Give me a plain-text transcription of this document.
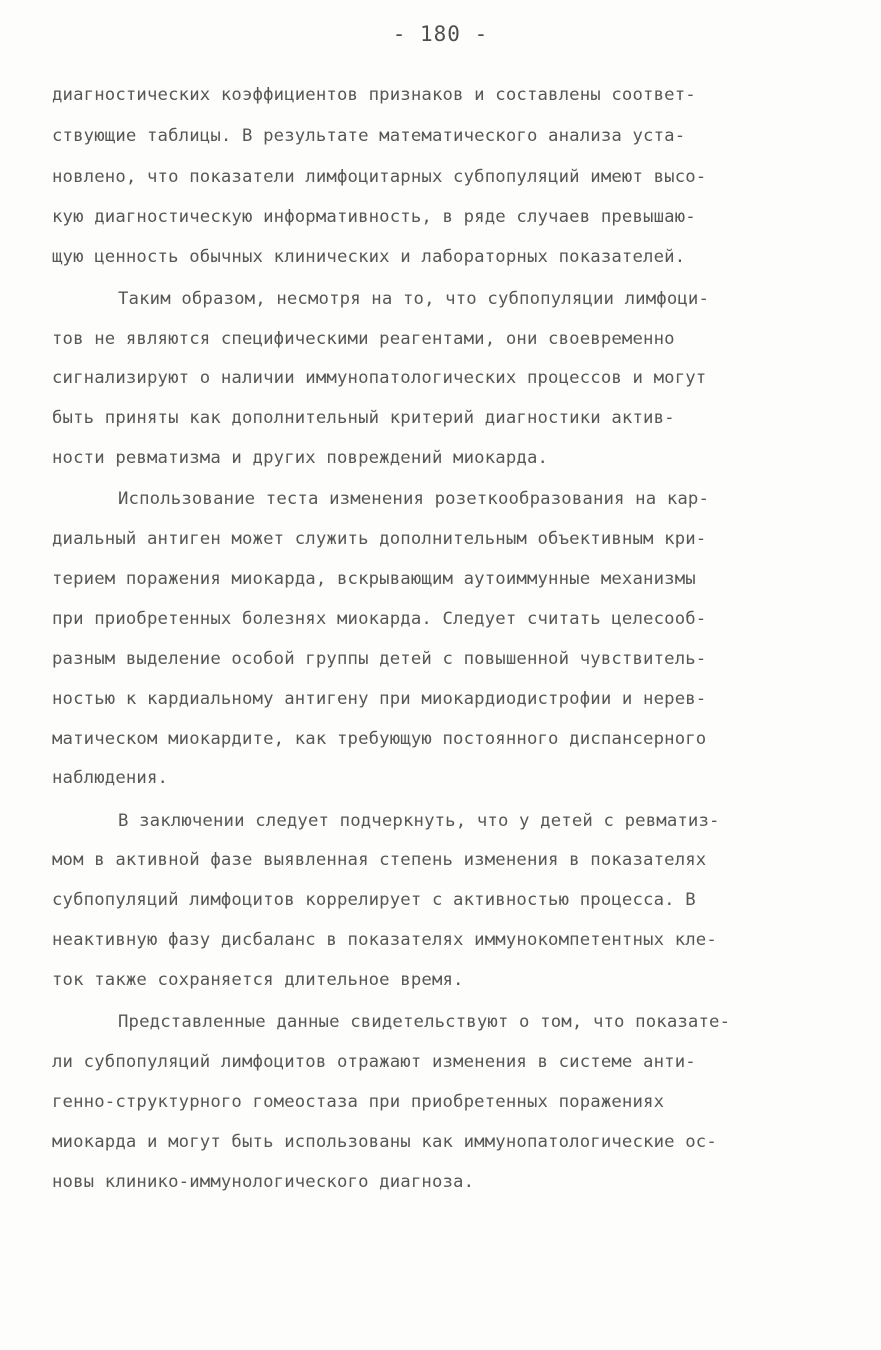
- 180 -
диагностических коэффициентов признаков и составлены соответ-
ствующие таблицы. В результате математического анализа уста-
новлено, что показатели лимфоцитарных субпопуляций имеют высо-
кую диагностическую информативность, в ряде случаев превышаю-
щую ценность обычных клинических и лабораторных показателей.
Таким образом, несмотря на то, что субпопуляции лимфоци-
тов не являются специфическими реагентами, они своевременно
сигнализируют о наличии иммунопатологических процессов и могут
быть приняты как дополнительный критерий диагностики актив-
ности ревматизма и других повреждений миокарда.
Использование теста изменения розеткообразования на кар-
диальный антиген может служить дополнительным объективным кри-
терием поражения миокарда, вскрывающим аутоиммунные механизмы
при приобретенных болезнях миокарда. Следует считать целесооб-
разным выделение особой группы детей с повышенной чувствитель-
ностью к кардиальному антигену при миокардиодистрофии и нерев-
матическом миокардите, как требующую постоянного диспансерного
наблюдения.
В заключении следует подчеркнуть, что у детей с ревматиз-
мом в активной фазе выявленная степень изменения в показателях
субпопуляций лимфоцитов коррелирует с активностью процесса. В
неактивную фазу дисбаланс в показателях иммунокомпетентных кле-
ток также сохраняется длительное время.
Представленные данные свидетельствуют о том, что показате-
ли субпопуляций лимфоцитов отражают изменения в системе анти-
генно-структурного гомеостаза при приобретенных поражениях
миокарда и могут быть использованы как иммунопатологические ос-
новы клинико-иммунологического диагноза.
